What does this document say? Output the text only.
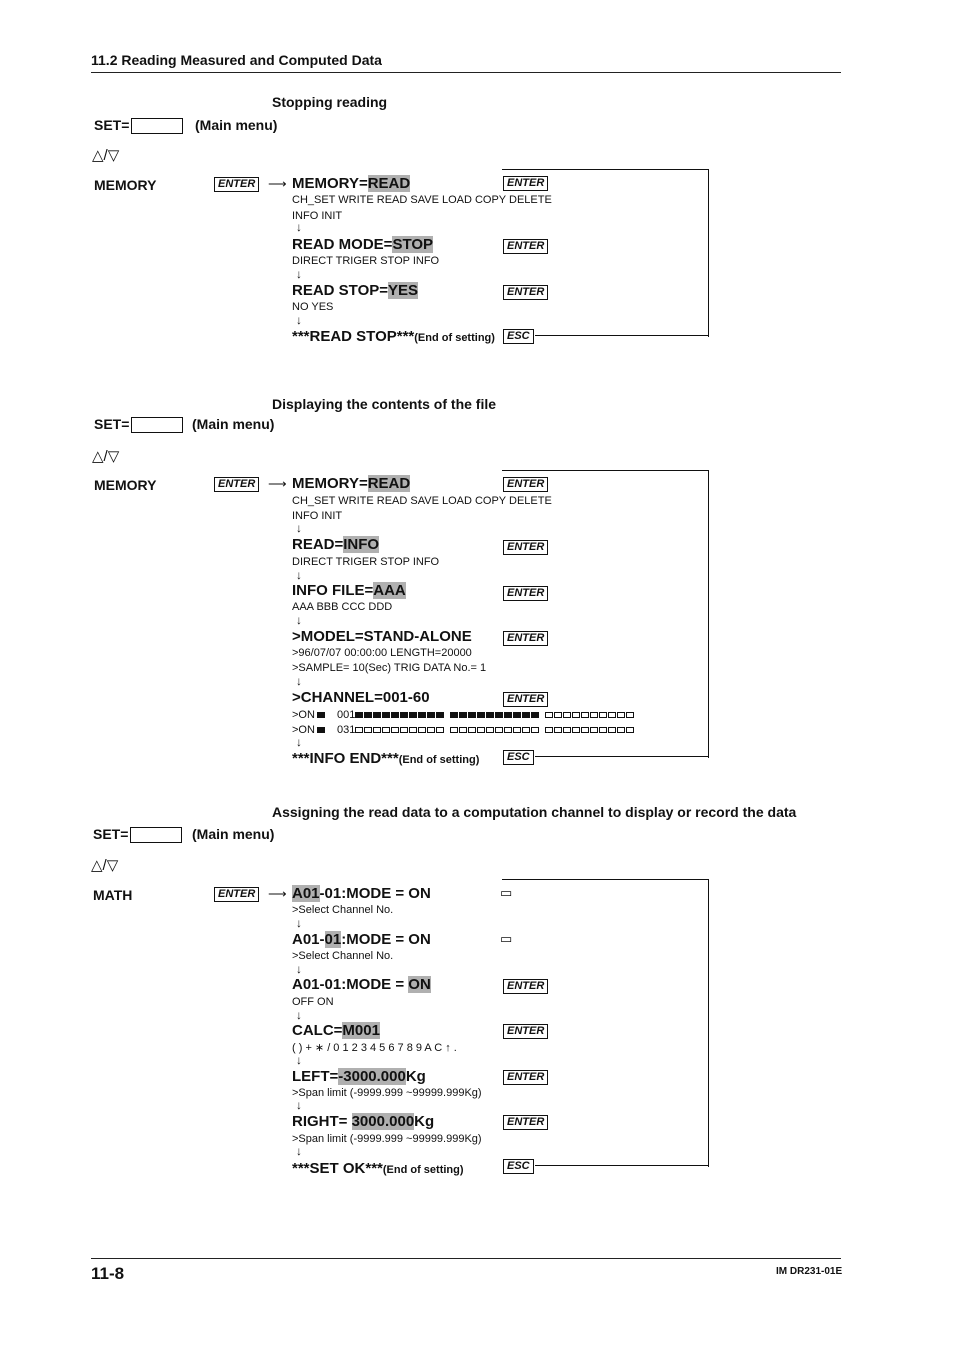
11.2 Reading Measured and Computed Data
Stopping reading
SET=	(Main menu)
△/▽
MEMORY	ENTER ⟶ MEMORY=READ	ENTER
CH_SET WRITE READ SAVE LOAD COPY DELETE
INFO INIT
↓
READ MODE=STOP	ENTER
DIRECT TRIGER STOP INFO
↓
READ STOP=YES	ENTER
NO YES
↓
***READ STOP***(End of setting)	ESC
Displaying the contents of the file
SET=	(Main menu)
△/▽
MEMORY	ENTER ⟶ MEMORY=READ	ENTER
CH_SET WRITE READ SAVE LOAD COPY DELETE
INFO INIT
↓
READ=INFO	ENTER
DIRECT TRIGER STOP INFO
↓
INFO FILE=AAA	ENTER
AAA BBB CCC DDD
↓
>MODEL=STAND-ALONE	ENTER
>96/07/07 00:00:00 LENGTH=20000
>SAMPLE= 10(Sec) TRIG DATA No.= 1
↓
>CHANNEL=001-60	ENTER
>ON 001
>ON 031
↓
***INFO END***(End of setting)	ESC
Assigning the read data to a computation channel to display or record the data
SET=	(Main menu)
△/▽
MATH	ENTER ⟶ A01-01:MODE = ON	▭
>Select Channel No.
↓
A01-01:MODE = ON	▭
>Select Channel No.
↓
A01-01:MODE = ON	ENTER
OFF ON
↓
CALC=M001	ENTER
( ) + ∗ / 0 1 2 3 4 5 6 7 8 9 A C ↑ .
↓
LEFT=-3000.000Kg	ENTER
>Span limit (-9999.999 ~99999.999Kg)
↓
RIGHT= 3000.000Kg	ENTER
>Span limit (-9999.999 ~99999.999Kg)
↓
***SET OK***(End of setting)	ESC
11-8	IM DR231-01E
